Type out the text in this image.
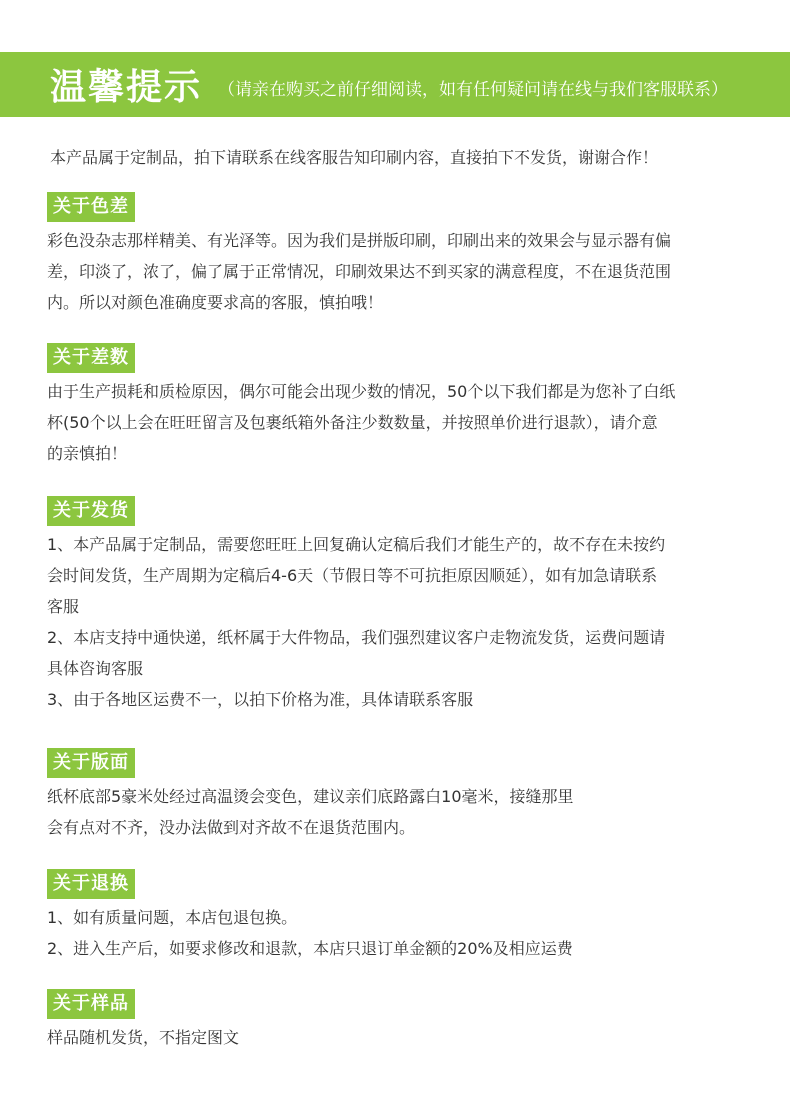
温馨提示 （请亲在购买之前仔细阅读，如有任何疑问请在线与我们客服联系）
本产品属于定制品，拍下请联系在线客服告知印刷内容，直接拍下不发货，谢谢合作！
关于色差
彩色没杂志那样精美、有光泽等。因为我们是拼版印刷，印刷出来的效果会与显示器有偏
差，印淡了，浓了，偏了属于正常情况，印刷效果达不到买家的满意程度，不在退货范围
内。所以对颜色准确度要求高的客服，慎拍哦！
关于差数
由于生产损耗和质检原因，偶尔可能会出现少数的情况，50个以下我们都是为您补了白纸
杯(50个以上会在旺旺留言及包裹纸箱外备注少数数量，并按照单价进行退款），请介意
的亲慎拍！
关于发货
1、本产品属于定制品，需要您旺旺上回复确认定稿后我们才能生产的，故不存在未按约
会时间发货，生产周期为定稿后4-6天（节假日等不可抗拒原因顺延），如有加急请联系
客服
2、本店支持中通快递，纸杯属于大件物品，我们强烈建议客户走物流发货，运费问题请
具体咨询客服
3、由于各地区运费不一，以拍下价格为准，具体请联系客服
关于版面
纸杯底部5豪米处经过高温烫会变色，建议亲们底路露白10毫米，接缝那里
会有点对不齐，没办法做到对齐故不在退货范围内。
关于退换
1、如有质量问题，本店包退包换。
2、进入生产后，如要求修改和退款，本店只退订单金额的20%及相应运费
关于样品
样品随机发货，不指定图文
